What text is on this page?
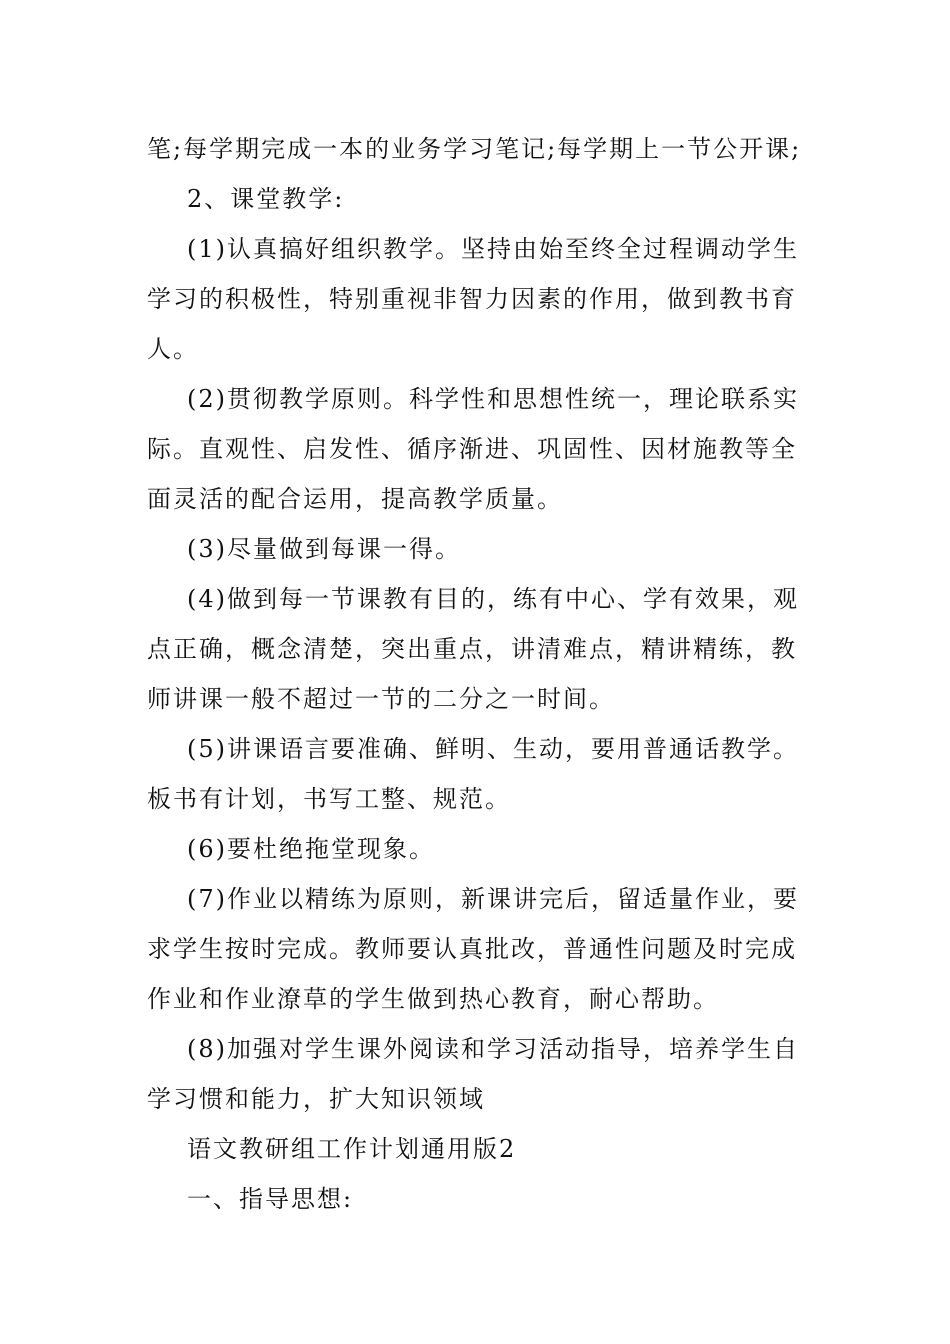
笔;每学期完成一本的业务学习笔记;每学期上一节公开课;

2、课堂教学:

(1)认真搞好组织教学。坚持由始至终全过程调动学生学习的积极性，特别重视非智力因素的作用，做到教书育人。

(2)贯彻教学原则。科学性和思想性统一，理论联系实际。直观性、启发性、循序渐进、巩固性、因材施教等全面灵活的配合运用，提高教学质量。

(3)尽量做到每课一得。

(4)做到每一节课教有目的，练有中心、学有效果，观点正确，概念清楚，突出重点，讲清难点，精讲精练，教师讲课一般不超过一节的二分之一时间。

(5)讲课语言要准确、鲜明、生动，要用普通话教学。板书有计划，书写工整、规范。

(6)要杜绝拖堂现象。

(7)作业以精练为原则，新课讲完后，留适量作业，要求学生按时完成。教师要认真批改，普通性问题及时完成作业和作业潦草的学生做到热心教育，耐心帮助。

(8)加强对学生课外阅读和学习活动指导，培养学生自学习惯和能力，扩大知识领域

语文教研组工作计划通用版2

一、指导思想:
